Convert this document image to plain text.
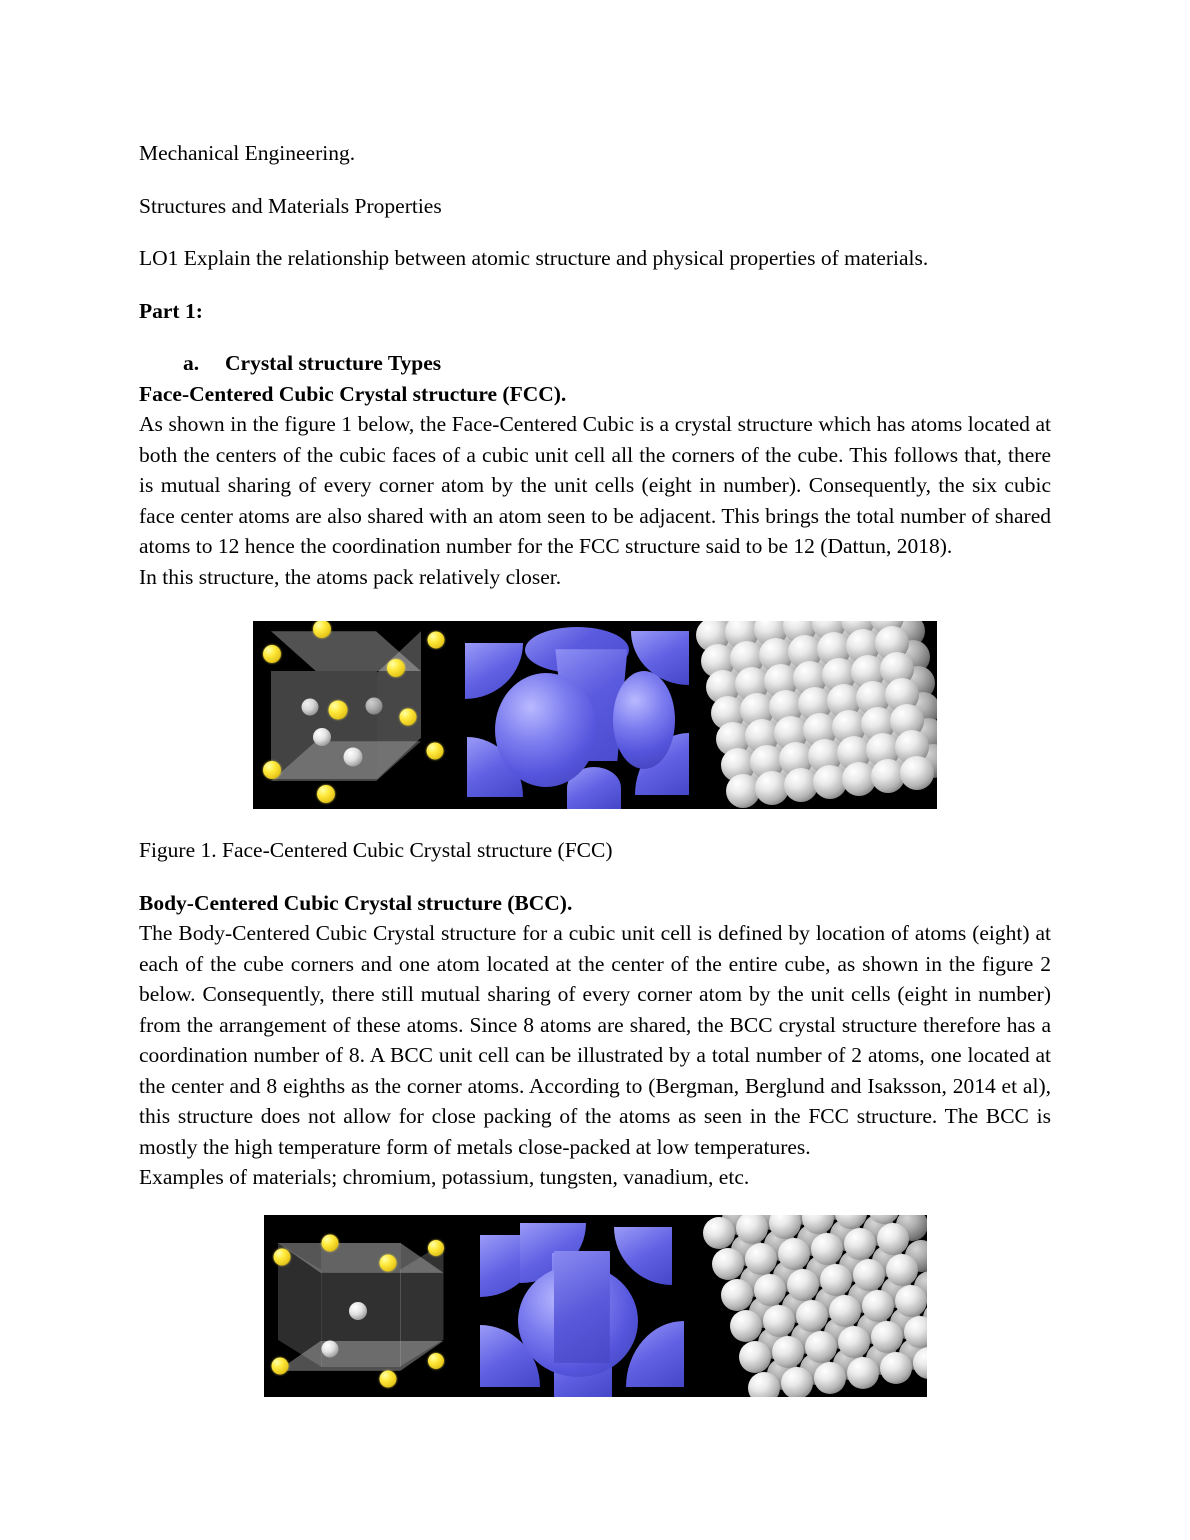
Mechanical Engineering.

Structures and Materials Properties

LO1 Explain the relationship between atomic structure and physical properties of materials.

Part 1:

a.	Crystal structure Types

Face-Centered Cubic Crystal structure (FCC).

As shown in the figure 1 below, the Face-Centered Cubic is a crystal structure which has atoms located at both the centers of the cubic faces of a cubic unit cell all the corners of the cube. This follows that, there is mutual sharing of every corner atom by the unit cells (eight in number). Consequently, the six cubic face center atoms are also shared with an atom seen to be adjacent. This brings the total number of shared atoms to 12 hence the coordination number for the FCC structure said to be 12 (Dattun, 2018).

In this structure, the atoms pack relatively closer.

Figure 1. Face-Centered Cubic Crystal structure (FCC)

Body-Centered Cubic Crystal structure (BCC).

The Body-Centered Cubic Crystal structure for a cubic unit cell is defined by location of atoms (eight) at each of the cube corners and one atom located at the center of the entire cube, as shown in the figure 2 below. Consequently, there still mutual sharing of every corner atom by the unit cells (eight in number) from the arrangement of these atoms. Since 8 atoms are shared, the BCC crystal structure therefore has a coordination number of 8. A BCC unit cell can be illustrated by a total number of 2 atoms, one located at the center and 8 eighths as the corner atoms. According to (Bergman, Berglund and Isaksson, 2014 et al), this structure does not allow for close packing of the atoms as seen in the FCC structure. The BCC is mostly the high temperature form of metals close-packed at low temperatures.

Examples of materials; chromium, potassium, tungsten, vanadium, etc.
